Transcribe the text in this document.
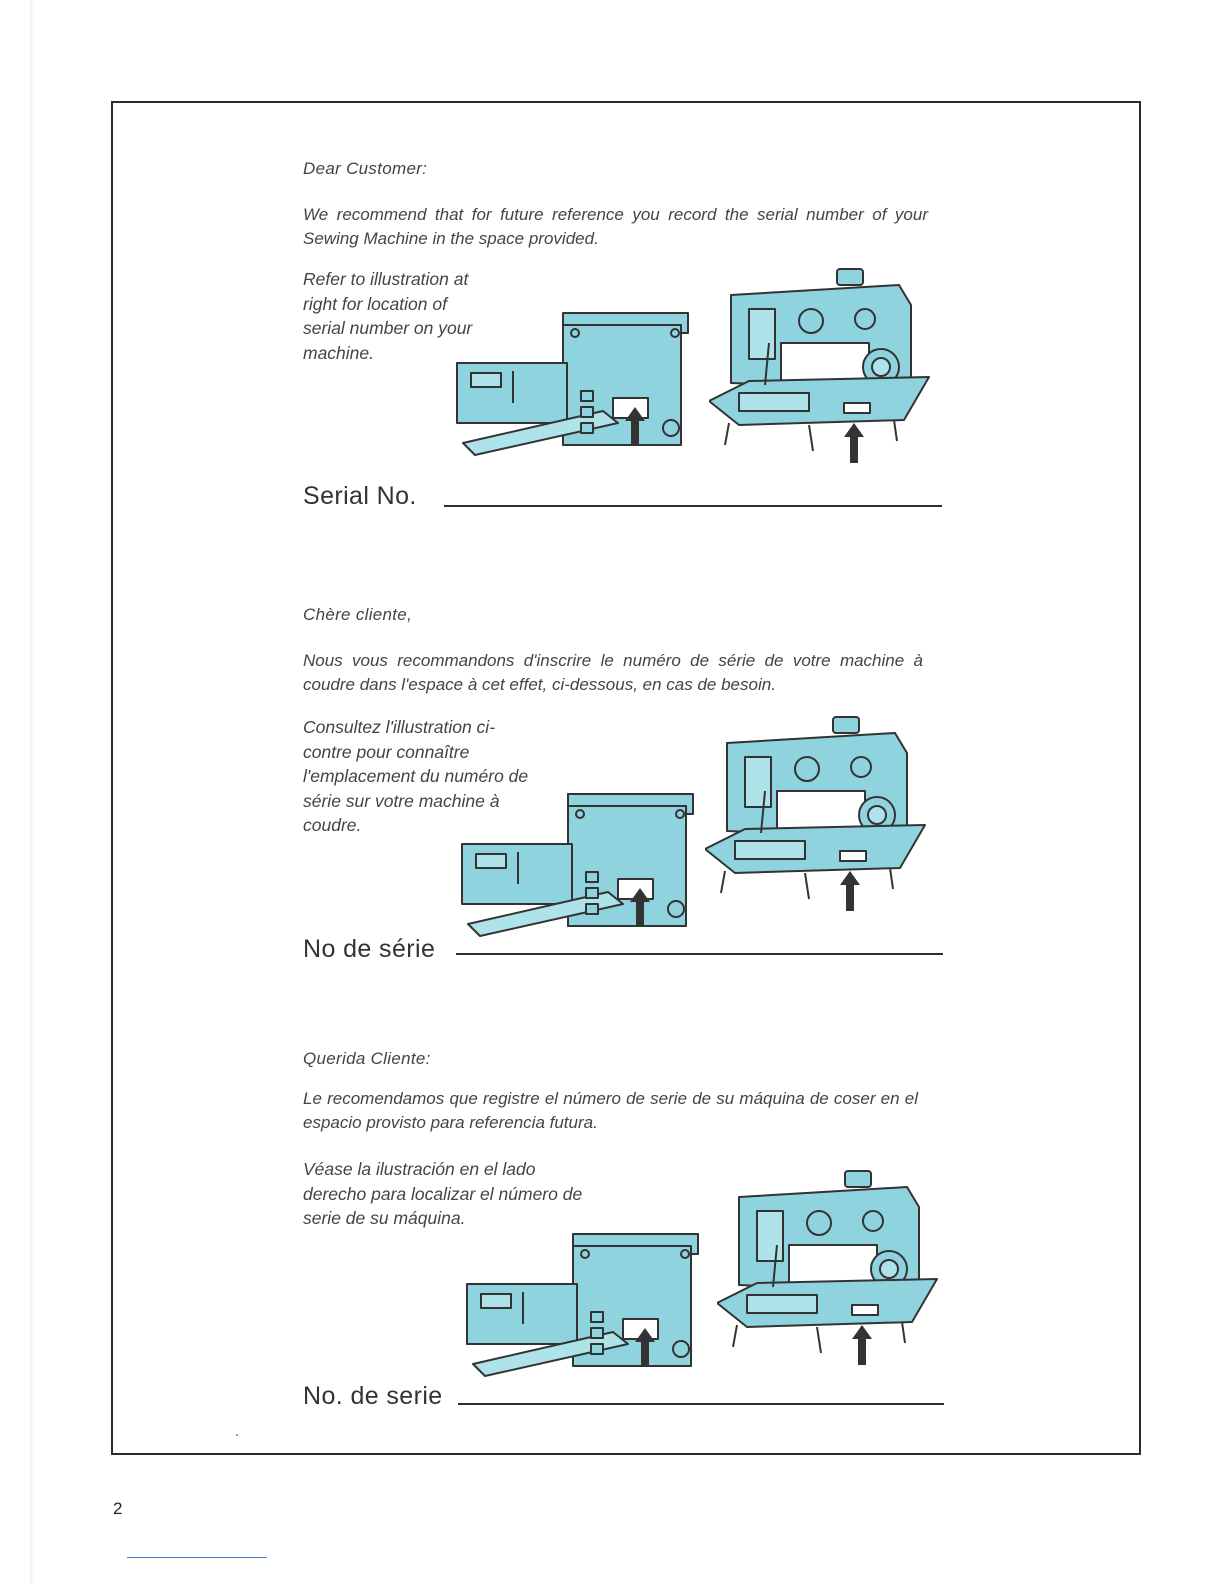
Dear Customer:

We recommend that for future reference you record the serial number of your Sewing Machine in the space provided.

Refer to illustration at right for location of serial number on your machine.

Serial No.

Chère cliente,

Nous vous recommandons d'inscrire le numéro de série de votre machine à coudre dans l'espace à cet effet, ci-dessous, en cas de besoin.

Consultez l'illustration ci-contre pour connaître l'emplacement du numéro de série sur votre machine à coudre.

No de série

Querida Cliente:

Le recomendamos que registre el número de serie de su máquina de coser en el espacio provisto para referencia futura.

Véase la ilustración en el lado derecho para localizar el número de serie de su máquina.

No. de serie

2
